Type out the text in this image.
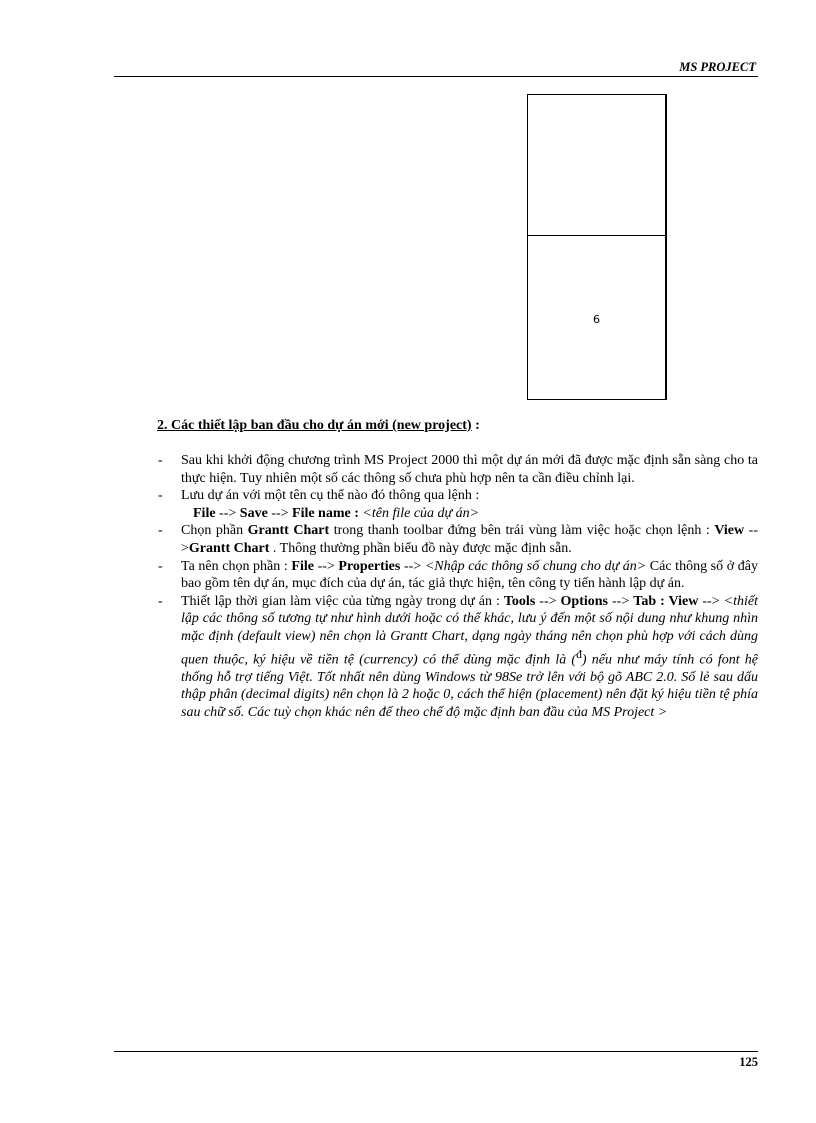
MS PROJECT
6
2. Các thiết lập ban đầu cho dự án mới (new project) :
- Sau khi khởi động chương trình MS Project 2000 thì một dự án mới đã được mặc định sẵn sàng cho ta thực hiện. Tuy nhiên một số các thông số chưa phù hợp nên ta cần điều chỉnh lại.
- Lưu dự án với một tên cụ thể nào đó thông qua lệnh :
File --> Save --> File name : <tên file của dự án>
- Chọn phần Grantt Chart trong thanh toolbar đứng bên trái vùng làm việc hoặc chọn lệnh : View -->Grantt Chart . Thông thường phần biểu đồ này được mặc định sẵn.
- Ta nên chọn phần : File --> Properties --> <Nhập các thông số chung cho dự án> Các thông số ở đây bao gồm tên dự án, mục đích của dự án, tác giả thực hiện, tên công ty tiến hành lập dự án.
- Thiết lập thời gian làm việc của từng ngày trong dự án : Tools --> Options --> Tab : View --> <thiết lập các thông số tương tự như hình dưới hoặc có thể khác, lưu ý đến một số nội dung như khung nhìn mặc định (default view) nên chọn là Grantt Chart, dạng ngày tháng nên chọn phù hợp với cách dùng quen thuộc, ký hiệu về tiền tệ (currency) có thể dùng mặc định là ($^đ$) nếu như máy tính có font hệ thống hỗ trợ tiếng Việt. Tốt nhất nên dùng Windows từ 98Se trở lên với bộ gõ ABC 2.0. Số lẻ sau dấu thập phân (decimal digits) nên chọn là 2 hoặc 0, cách thể hiện (placement) nên đặt ký hiệu tiền tệ phía sau chữ số. Các tuỳ chọn khác nên để theo chế độ mặc định ban đầu của MS Project >
125
